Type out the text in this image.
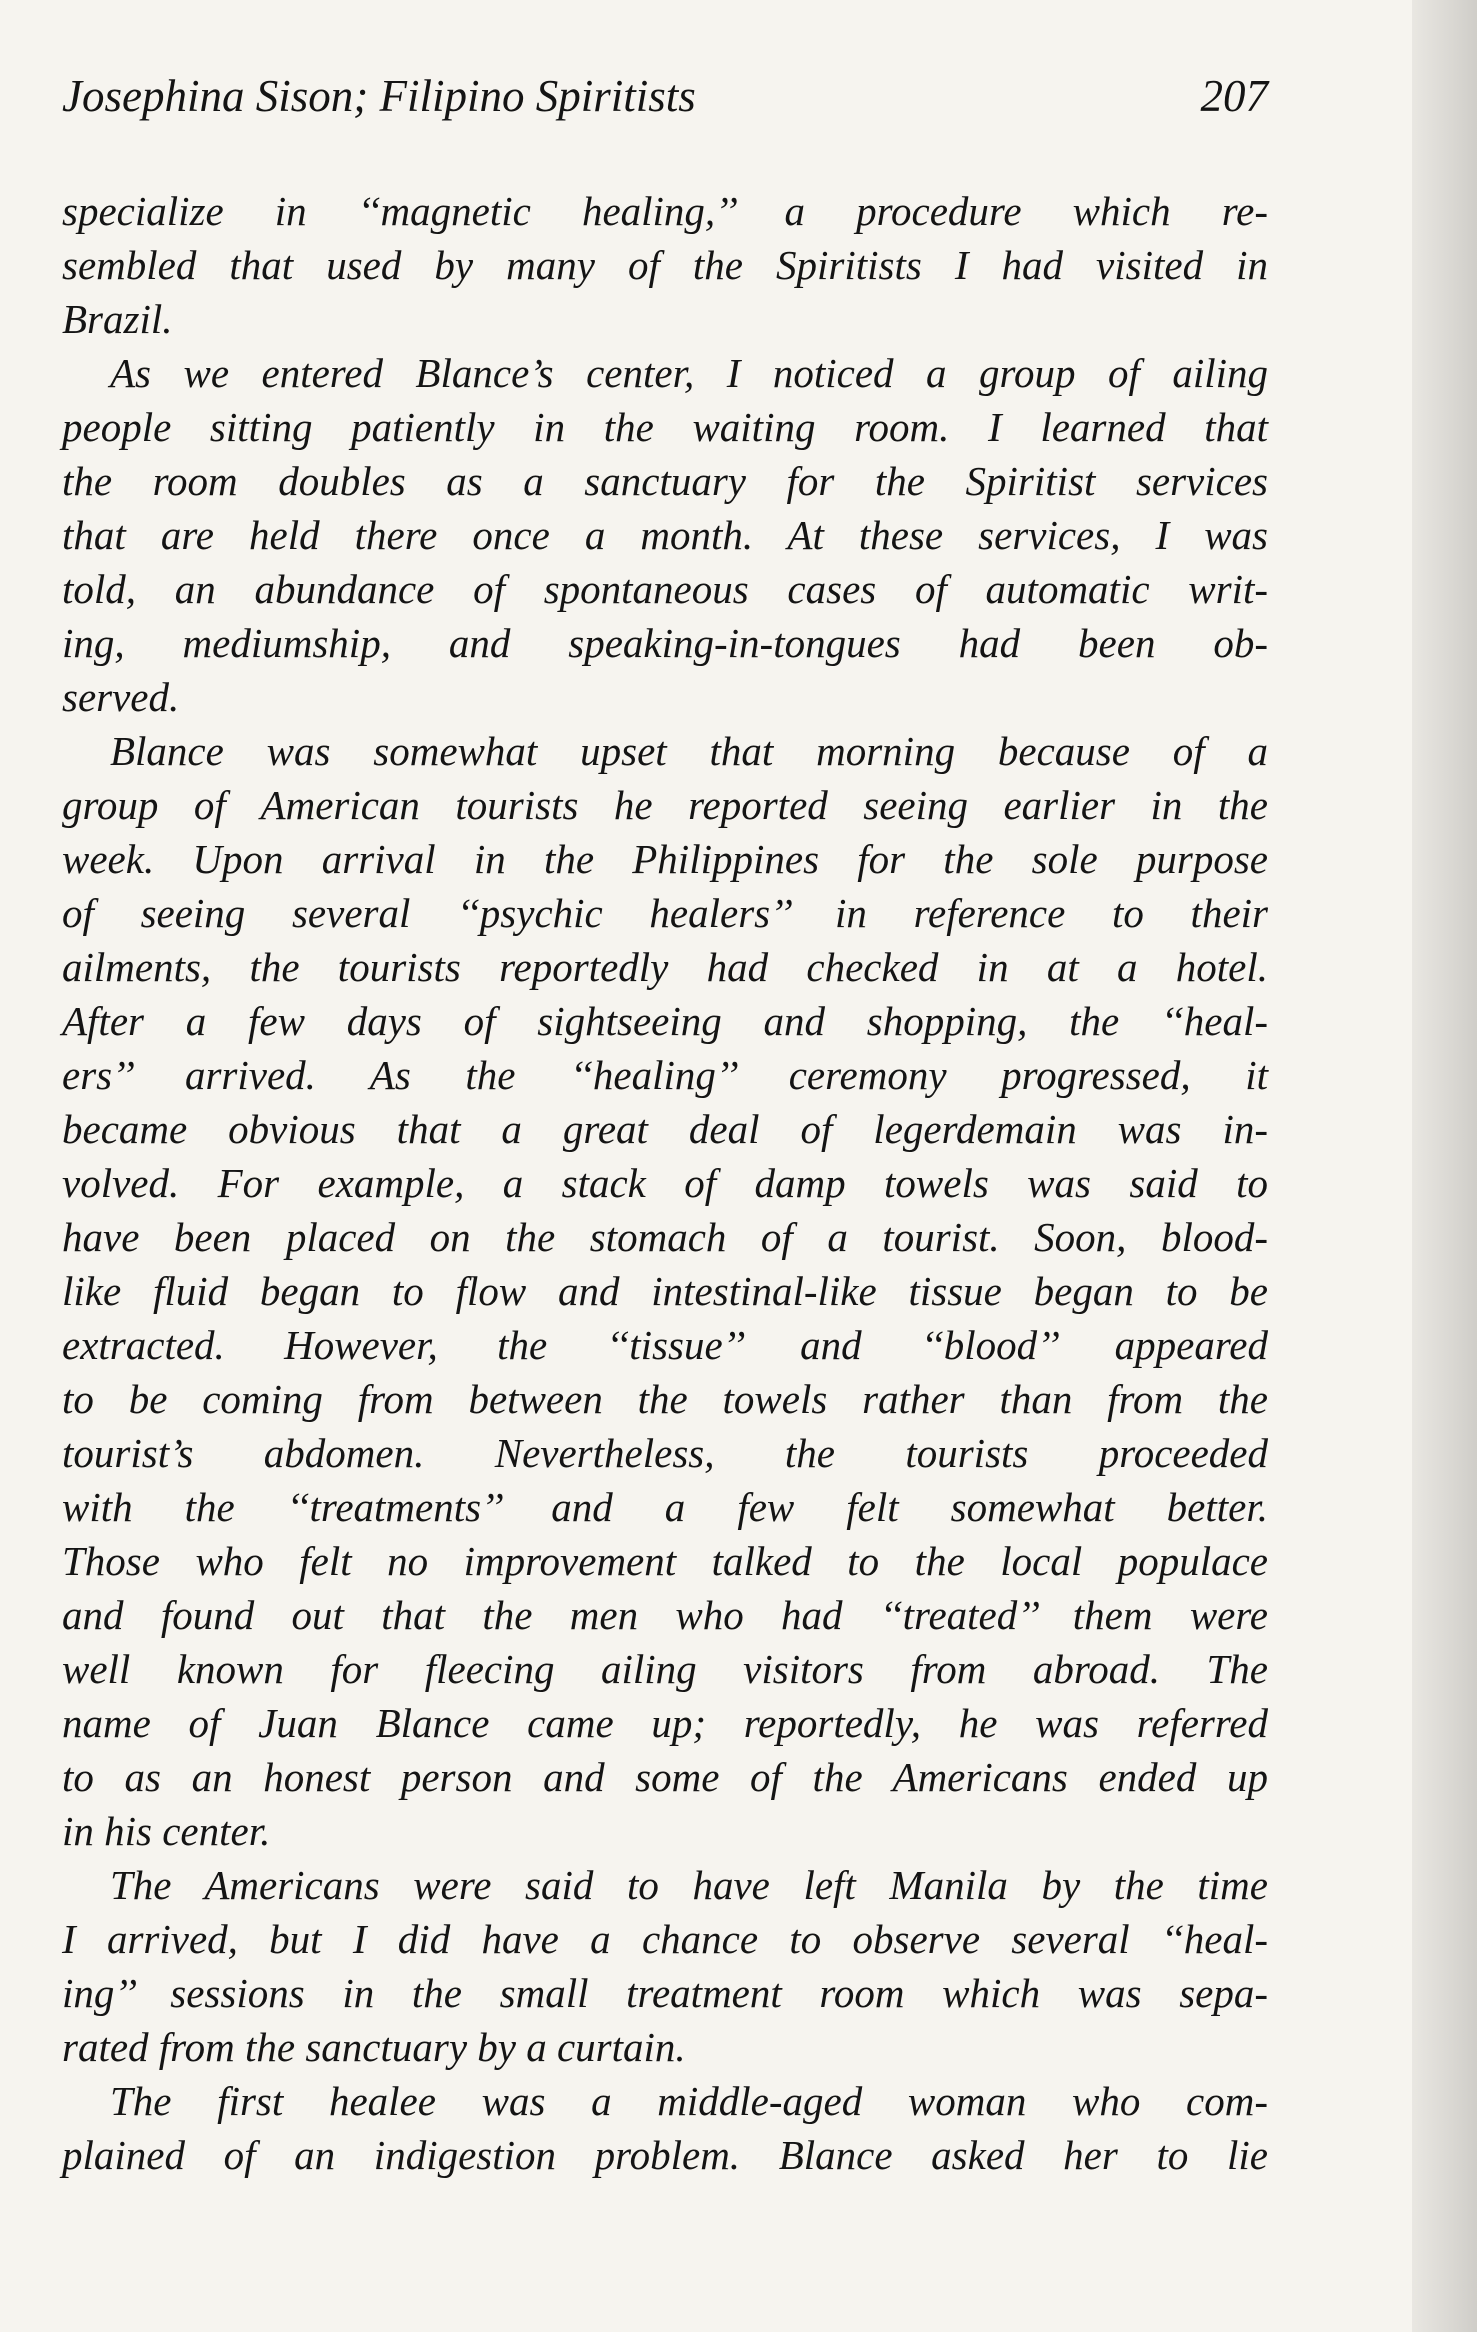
Josephina Sison; Filipino Spiritists	207
specialize in ‘‘magnetic healing,’’ a procedure which re-
sembled that used by many of the Spiritists I had visited in
Brazil.
As we entered Blance’s center, I noticed a group of ailing
people sitting patiently in the waiting room. I learned that
the room doubles as a sanctuary for the Spiritist services
that are held there once a month. At these services, I was
told, an abundance of spontaneous cases of automatic writ-
ing, mediumship, and speaking-in-tongues had been ob-
served.
Blance was somewhat upset that morning because of a
group of American tourists he reported seeing earlier in the
week. Upon arrival in the Philippines for the sole purpose
of seeing several ‘‘psychic healers’’ in reference to their
ailments, the tourists reportedly had checked in at a hotel.
After a few days of sightseeing and shopping, the ‘‘heal-
ers’’ arrived. As the ‘‘healing’’ ceremony progressed, it
became obvious that a great deal of legerdemain was in-
volved. For example, a stack of damp towels was said to
have been placed on the stomach of a tourist. Soon, blood-
like fluid began to flow and intestinal-like tissue began to be
extracted. However, the ‘‘tissue’’ and ‘‘blood’’ appeared
to be coming from between the towels rather than from the
tourist’s abdomen. Nevertheless, the tourists proceeded
with the ‘‘treatments’’ and a few felt somewhat better.
Those who felt no improvement talked to the local populace
and found out that the men who had ‘‘treated’’ them were
well known for fleecing ailing visitors from abroad. The
name of Juan Blance came up; reportedly, he was referred
to as an honest person and some of the Americans ended up
in his center.
The Americans were said to have left Manila by the time
I arrived, but I did have a chance to observe several ‘‘heal-
ing’’ sessions in the small treatment room which was sepa-
rated from the sanctuary by a curtain.
The first healee was a middle-aged woman who com-
plained of an indigestion problem. Blance asked her to lie
